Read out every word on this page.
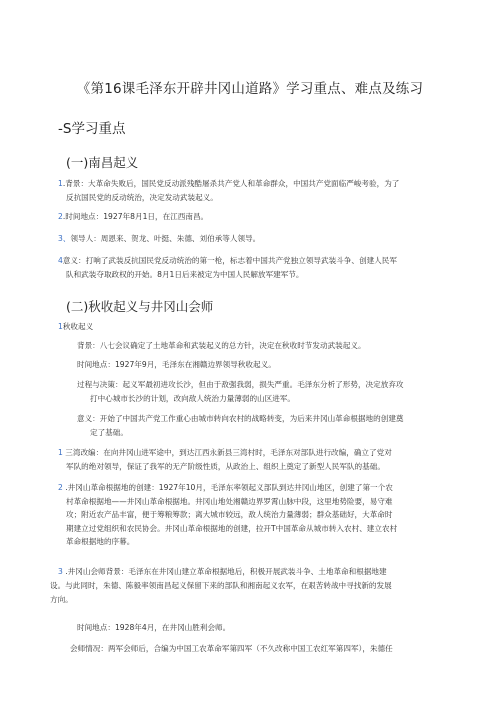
《第16课毛泽东开辟井冈山道路》学习重点、难点及练习
-S学习重点
(一)南昌起义
1.背景：大革命失败后，国民党反动派残酷屠杀共产党人和革命群众，中国共产党面临严峻考验，为了
反抗国民党的反动统治，决定发动武装起义。
2.时间地点：1927年8月1日，在江西南昌。
3、领导人：周恩来、贺龙、叶挺、朱德、刘伯承等人领导。
4意义：打响了武装反抗国民党反动统治的第一枪，标志着中国共产党独立领导武装斗争、创建人民军
队和武装夺取政权的开始。8月1日后来被定为中国人民解放军建军节。
(二)秋收起义与井冈山会师
1秋收起义
背景：八七会议确定了土地革命和武装起义的总方针，决定在秋收时节发动武装起义。
时间地点：1927年9月，毛泽东在湘赣边界领导秋收起义。
过程与决策：起义军最初进攻长沙，但由于敌强我弱，损失严重。毛泽东分析了形势，决定放弃攻
打中心城市长沙的计划，改向敌人统治力量薄弱的山区进军。
意义：开始了中国共产党工作重心由城市转向农村的战略转变，为后来井冈山革命根据地的创建奠
定了基础。
1 三湾改编：在向井冈山进军途中，到达江西永新县三湾村时，毛泽东对部队进行改编，确立了党对
军队的绝对领导，保证了我军的无产阶级性质，从政治上、组织上奠定了新型人民军队的基础。
2 .井冈山革命根据地的创建：1927年10月，毛泽东率领起义部队到达井冈山地区，创建了第一个农
村革命根据地——井冈山革命根据地。井冈山地处湘赣边界罗霄山脉中段，这里地势险要，易守难
攻；附近农产品丰富，便于筹粮筹款；离大城市较远，敌人统治力量薄弱；群众基础好，大革命时
期建立过党组织和农民协会。井冈山革命根据地的创建，拉开T中国革命从城市转入农村、建立农村
革命根据地的序幕。
3 .井冈山会师背景：毛泽东在井冈山建立革命根据地后，积极开展武装斗争、土地革命和根据地建
设。与此同时，朱德、陈毅率领南昌起义保留下来的部队和湘南起义农军，在艰苦转战中寻找新的发展
方向。
时间地点：1928年4月，在井冈山胜利会师。
会师情况：两军会师后，合编为中国工农革命军第四军（不久改称中国工农红军第四军），朱德任
